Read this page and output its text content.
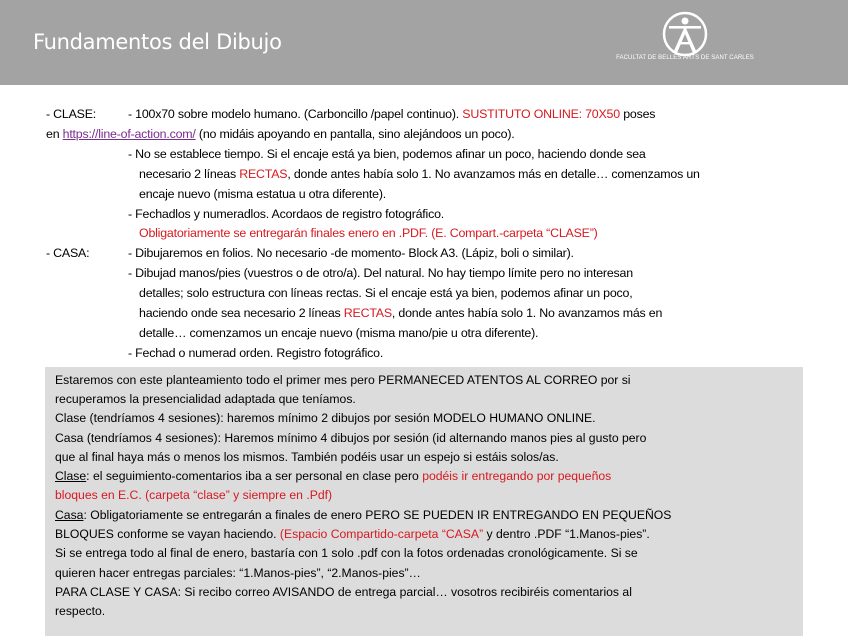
Fundamentos del Dibujo
FACULTAT DE BELLES ARTS DE SANT CARLES
- CLASE:	- 100x70 sobre modelo humano. (Carboncillo /papel continuo). SUSTITUTO ONLINE: 70X50 poses
en https://line-of-action.com/ (no midáis apoyando en pantalla, sino alejándoos un poco).
- No se establece tiempo. Si el encaje está ya bien, podemos afinar un poco, haciendo donde sea
necesario 2 líneas RECTAS, donde antes había solo 1. No avanzamos más en detalle… comenzamos un
encaje nuevo (misma estatua u otra diferente).
- Fechadlos y numeradlos. Acordaos de registro fotográfico.
Obligatoriamente se entregarán finales enero en .PDF. (E. Compart.-carpeta “CLASE”)
- CASA:	- Dibujaremos en folios. No necesario -de momento- Block A3. (Lápiz, boli o similar).
- Dibujad manos/pies (vuestros o de otro/a). Del natural. No hay tiempo límite pero no interesan
detalles; solo estructura con líneas rectas. Si el encaje está ya bien, podemos afinar un poco,
haciendo onde sea necesario 2 líneas RECTAS, donde antes había solo 1. No avanzamos más en
detalle… comenzamos un encaje nuevo (misma mano/pie u otra diferente).
- Fechad o numerad orden. Registro fotográfico.
Estaremos con este planteamiento todo el primer mes pero PERMANECED ATENTOS AL CORREO por si
recuperamos la presencialidad adaptada que teníamos.
Clase (tendríamos 4 sesiones): haremos mínimo 2 dibujos por sesión MODELO HUMANO ONLINE.
Casa (tendríamos 4 sesiones): Haremos mínimo 4 dibujos por sesión (id alternando manos pies al gusto pero
que al final haya más o menos los mismos. También podéis usar un espejo si estáis solos/as.
Clase: el seguimiento-comentarios iba a ser personal en clase pero podéis ir entregando por pequeños
bloques en E.C. (carpeta “clase” y siempre en .Pdf)
Casa: Obligatoriamente se entregarán a finales de enero PERO SE PUEDEN IR ENTREGANDO EN PEQUEÑOS
BLOQUES conforme se vayan haciendo. (Espacio Compartido-carpeta “CASA” y dentro .PDF “1.Manos-pies”.
Si se entrega todo al final de enero, bastaría con 1 solo .pdf con la fotos ordenadas cronológicamente. Si se
quieren hacer entregas parciales: “1.Manos-pies”, “2.Manos-pies”…
PARA CLASE Y CASA: Si recibo correo AVISANDO de entrega parcial… vosotros recibiréis comentarios al
respecto.
